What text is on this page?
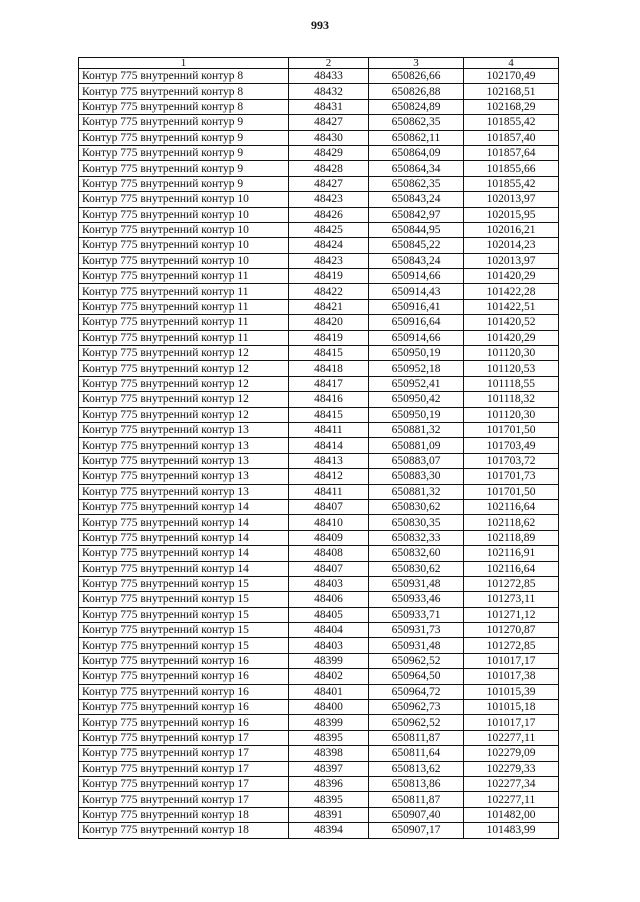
993
1	2	3	4
Контур 775 внутренний контур 8	48433	650826,66	102170,49
Контур 775 внутренний контур 8	48432	650826,88	102168,51
Контур 775 внутренний контур 8	48431	650824,89	102168,29
Контур 775 внутренний контур 9	48427	650862,35	101855,42
Контур 775 внутренний контур 9	48430	650862,11	101857,40
Контур 775 внутренний контур 9	48429	650864,09	101857,64
Контур 775 внутренний контур 9	48428	650864,34	101855,66
Контур 775 внутренний контур 9	48427	650862,35	101855,42
Контур 775 внутренний контур 10	48423	650843,24	102013,97
Контур 775 внутренний контур 10	48426	650842,97	102015,95
Контур 775 внутренний контур 10	48425	650844,95	102016,21
Контур 775 внутренний контур 10	48424	650845,22	102014,23
Контур 775 внутренний контур 10	48423	650843,24	102013,97
Контур 775 внутренний контур 11	48419	650914,66	101420,29
Контур 775 внутренний контур 11	48422	650914,43	101422,28
Контур 775 внутренний контур 11	48421	650916,41	101422,51
Контур 775 внутренний контур 11	48420	650916,64	101420,52
Контур 775 внутренний контур 11	48419	650914,66	101420,29
Контур 775 внутренний контур 12	48415	650950,19	101120,30
Контур 775 внутренний контур 12	48418	650952,18	101120,53
Контур 775 внутренний контур 12	48417	650952,41	101118,55
Контур 775 внутренний контур 12	48416	650950,42	101118,32
Контур 775 внутренний контур 12	48415	650950,19	101120,30
Контур 775 внутренний контур 13	48411	650881,32	101701,50
Контур 775 внутренний контур 13	48414	650881,09	101703,49
Контур 775 внутренний контур 13	48413	650883,07	101703,72
Контур 775 внутренний контур 13	48412	650883,30	101701,73
Контур 775 внутренний контур 13	48411	650881,32	101701,50
Контур 775 внутренний контур 14	48407	650830,62	102116,64
Контур 775 внутренний контур 14	48410	650830,35	102118,62
Контур 775 внутренний контур 14	48409	650832,33	102118,89
Контур 775 внутренний контур 14	48408	650832,60	102116,91
Контур 775 внутренний контур 14	48407	650830,62	102116,64
Контур 775 внутренний контур 15	48403	650931,48	101272,85
Контур 775 внутренний контур 15	48406	650933,46	101273,11
Контур 775 внутренний контур 15	48405	650933,71	101271,12
Контур 775 внутренний контур 15	48404	650931,73	101270,87
Контур 775 внутренний контур 15	48403	650931,48	101272,85
Контур 775 внутренний контур 16	48399	650962,52	101017,17
Контур 775 внутренний контур 16	48402	650964,50	101017,38
Контур 775 внутренний контур 16	48401	650964,72	101015,39
Контур 775 внутренний контур 16	48400	650962,73	101015,18
Контур 775 внутренний контур 16	48399	650962,52	101017,17
Контур 775 внутренний контур 17	48395	650811,87	102277,11
Контур 775 внутренний контур 17	48398	650811,64	102279,09
Контур 775 внутренний контур 17	48397	650813,62	102279,33
Контур 775 внутренний контур 17	48396	650813,86	102277,34
Контур 775 внутренний контур 17	48395	650811,87	102277,11
Контур 775 внутренний контур 18	48391	650907,40	101482,00
Контур 775 внутренний контур 18	48394	650907,17	101483,99
